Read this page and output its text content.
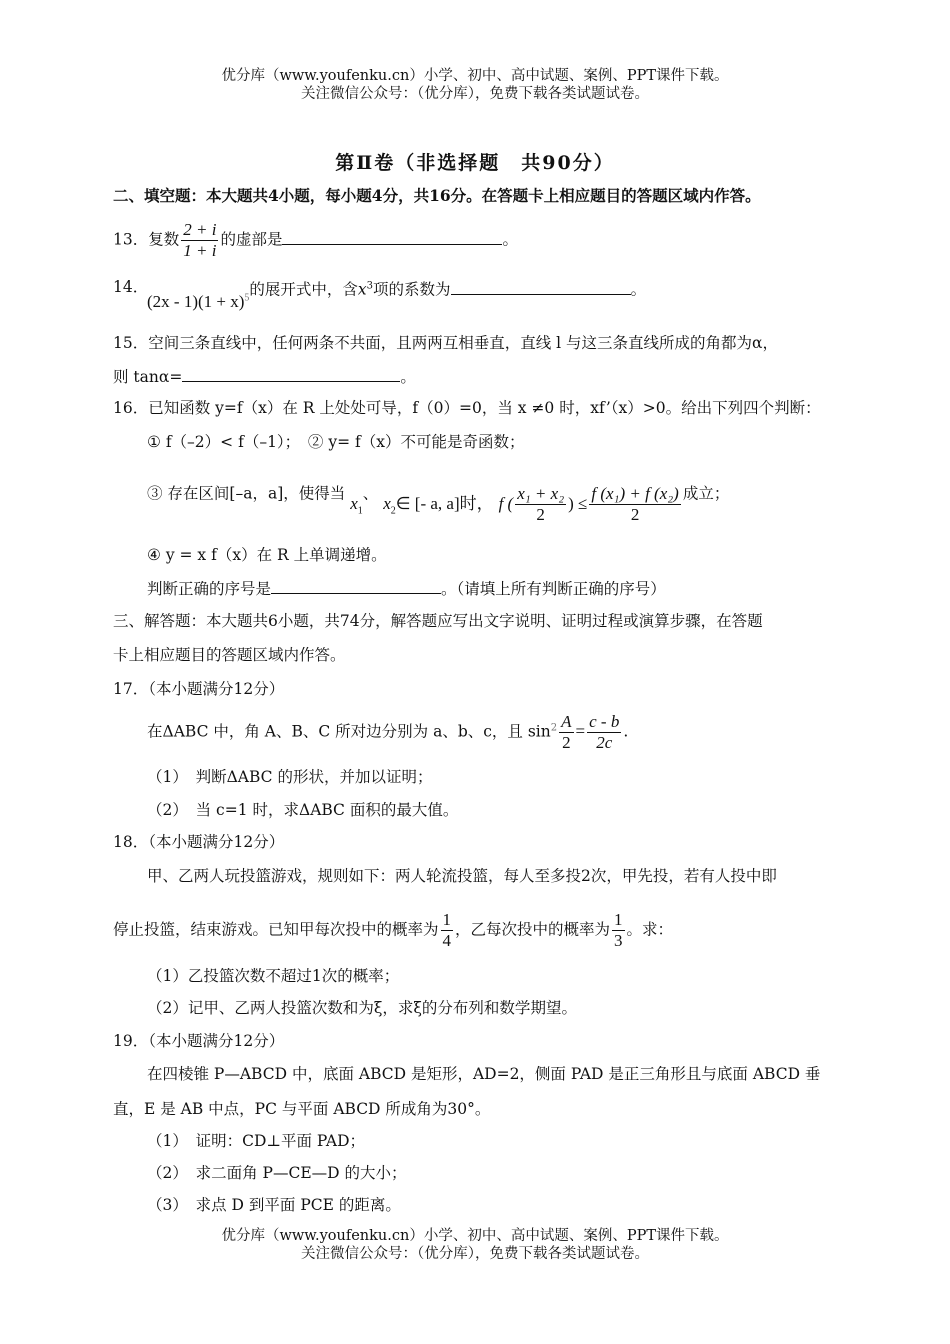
优分库（www.youfenku.cn）小学、初中、高中试题、案例、PPT课件下载。
关注微信公众号：（优分库），免费下载各类试题试卷。
第Ⅱ卷（非选择题　共90分）
二、填空题：本大题共4小题，每小题4分，共16分。在答题卡上相应题目的答题区域内作答。
13．复数 $\frac{2 + i}{1 + i}$ 的虚部是	。
14．
$(2x - 1)(1 + x)^5$的展开式中，含$x^3$项的系数为	。
15．空间三条直线中，任何两条不共面，且两两互相垂直，直线 l 与这三条直线所成的角都为α，
则 tanα=	。
16．已知函数 y=f（x）在 R 上处处可导，f（0）=0，当 x ≠0 时，xf’（x）>0。给出下列四个判断：
① f（–2）< f（–1）；　② y= f（x）不可能是奇函数；
③ 存在区间[–a，a]，使得当 $x_1$、 $x_2\in$ [- a, a]时， f ( $\frac{\text{x₁ + x₂}}{2}$ ) ≤ $\frac{\text{f (x₁) + f (x₂)}}{2}$ 成立；
④ y = x f（x）在 R 上单调递增。
判断正确的序号是	。（请填上所有判断正确的序号）
三、解答题：本大题共6小题，共74分，解答题应写出文字说明、证明过程或演算步骤，在答题
卡上相应题目的答题区域内作答。
17．（本小题满分12分）
在ΔABC 中，角 A、B、C 所对边分别为 a、b、c，且 $\sin^2 \frac{A}{2} = \frac{c - b}{2c}$ .
（1）　判断ΔABC 的形状，并加以证明；
（2）　当 c=1 时，求ΔABC 面积的最大值。
18．（本小题满分12分）
甲、乙两人玩投篮游戏，规则如下：两人轮流投篮，每人至多投2次，甲先投，若有人投中即
停止投篮，结束游戏。已知甲每次投中的概率为 $\frac{1}{4}$ ，乙每次投中的概率为 $\frac{1}{3}$ 。求：
（1）乙投篮次数不超过1次的概率；
（2）记甲、乙两人投篮次数和为ξ，求ξ的分布列和数学期望。
19．（本小题满分12分）
在四棱锥 P—ABCD 中，底面 ABCD 是矩形，AD=2，侧面 PAD 是正三角形且与底面 ABCD 垂
直，E 是 AB 中点，PC 与平面 ABCD 所成角为30°。
（1）　证明：CD⊥平面 PAD；
（2）　求二面角 P—CE—D 的大小；
（3）　求点 D 到平面 PCE 的距离。
优分库（www.youfenku.cn）小学、初中、高中试题、案例、PPT课件下载。
关注微信公众号：（优分库），免费下载各类试题试卷。
